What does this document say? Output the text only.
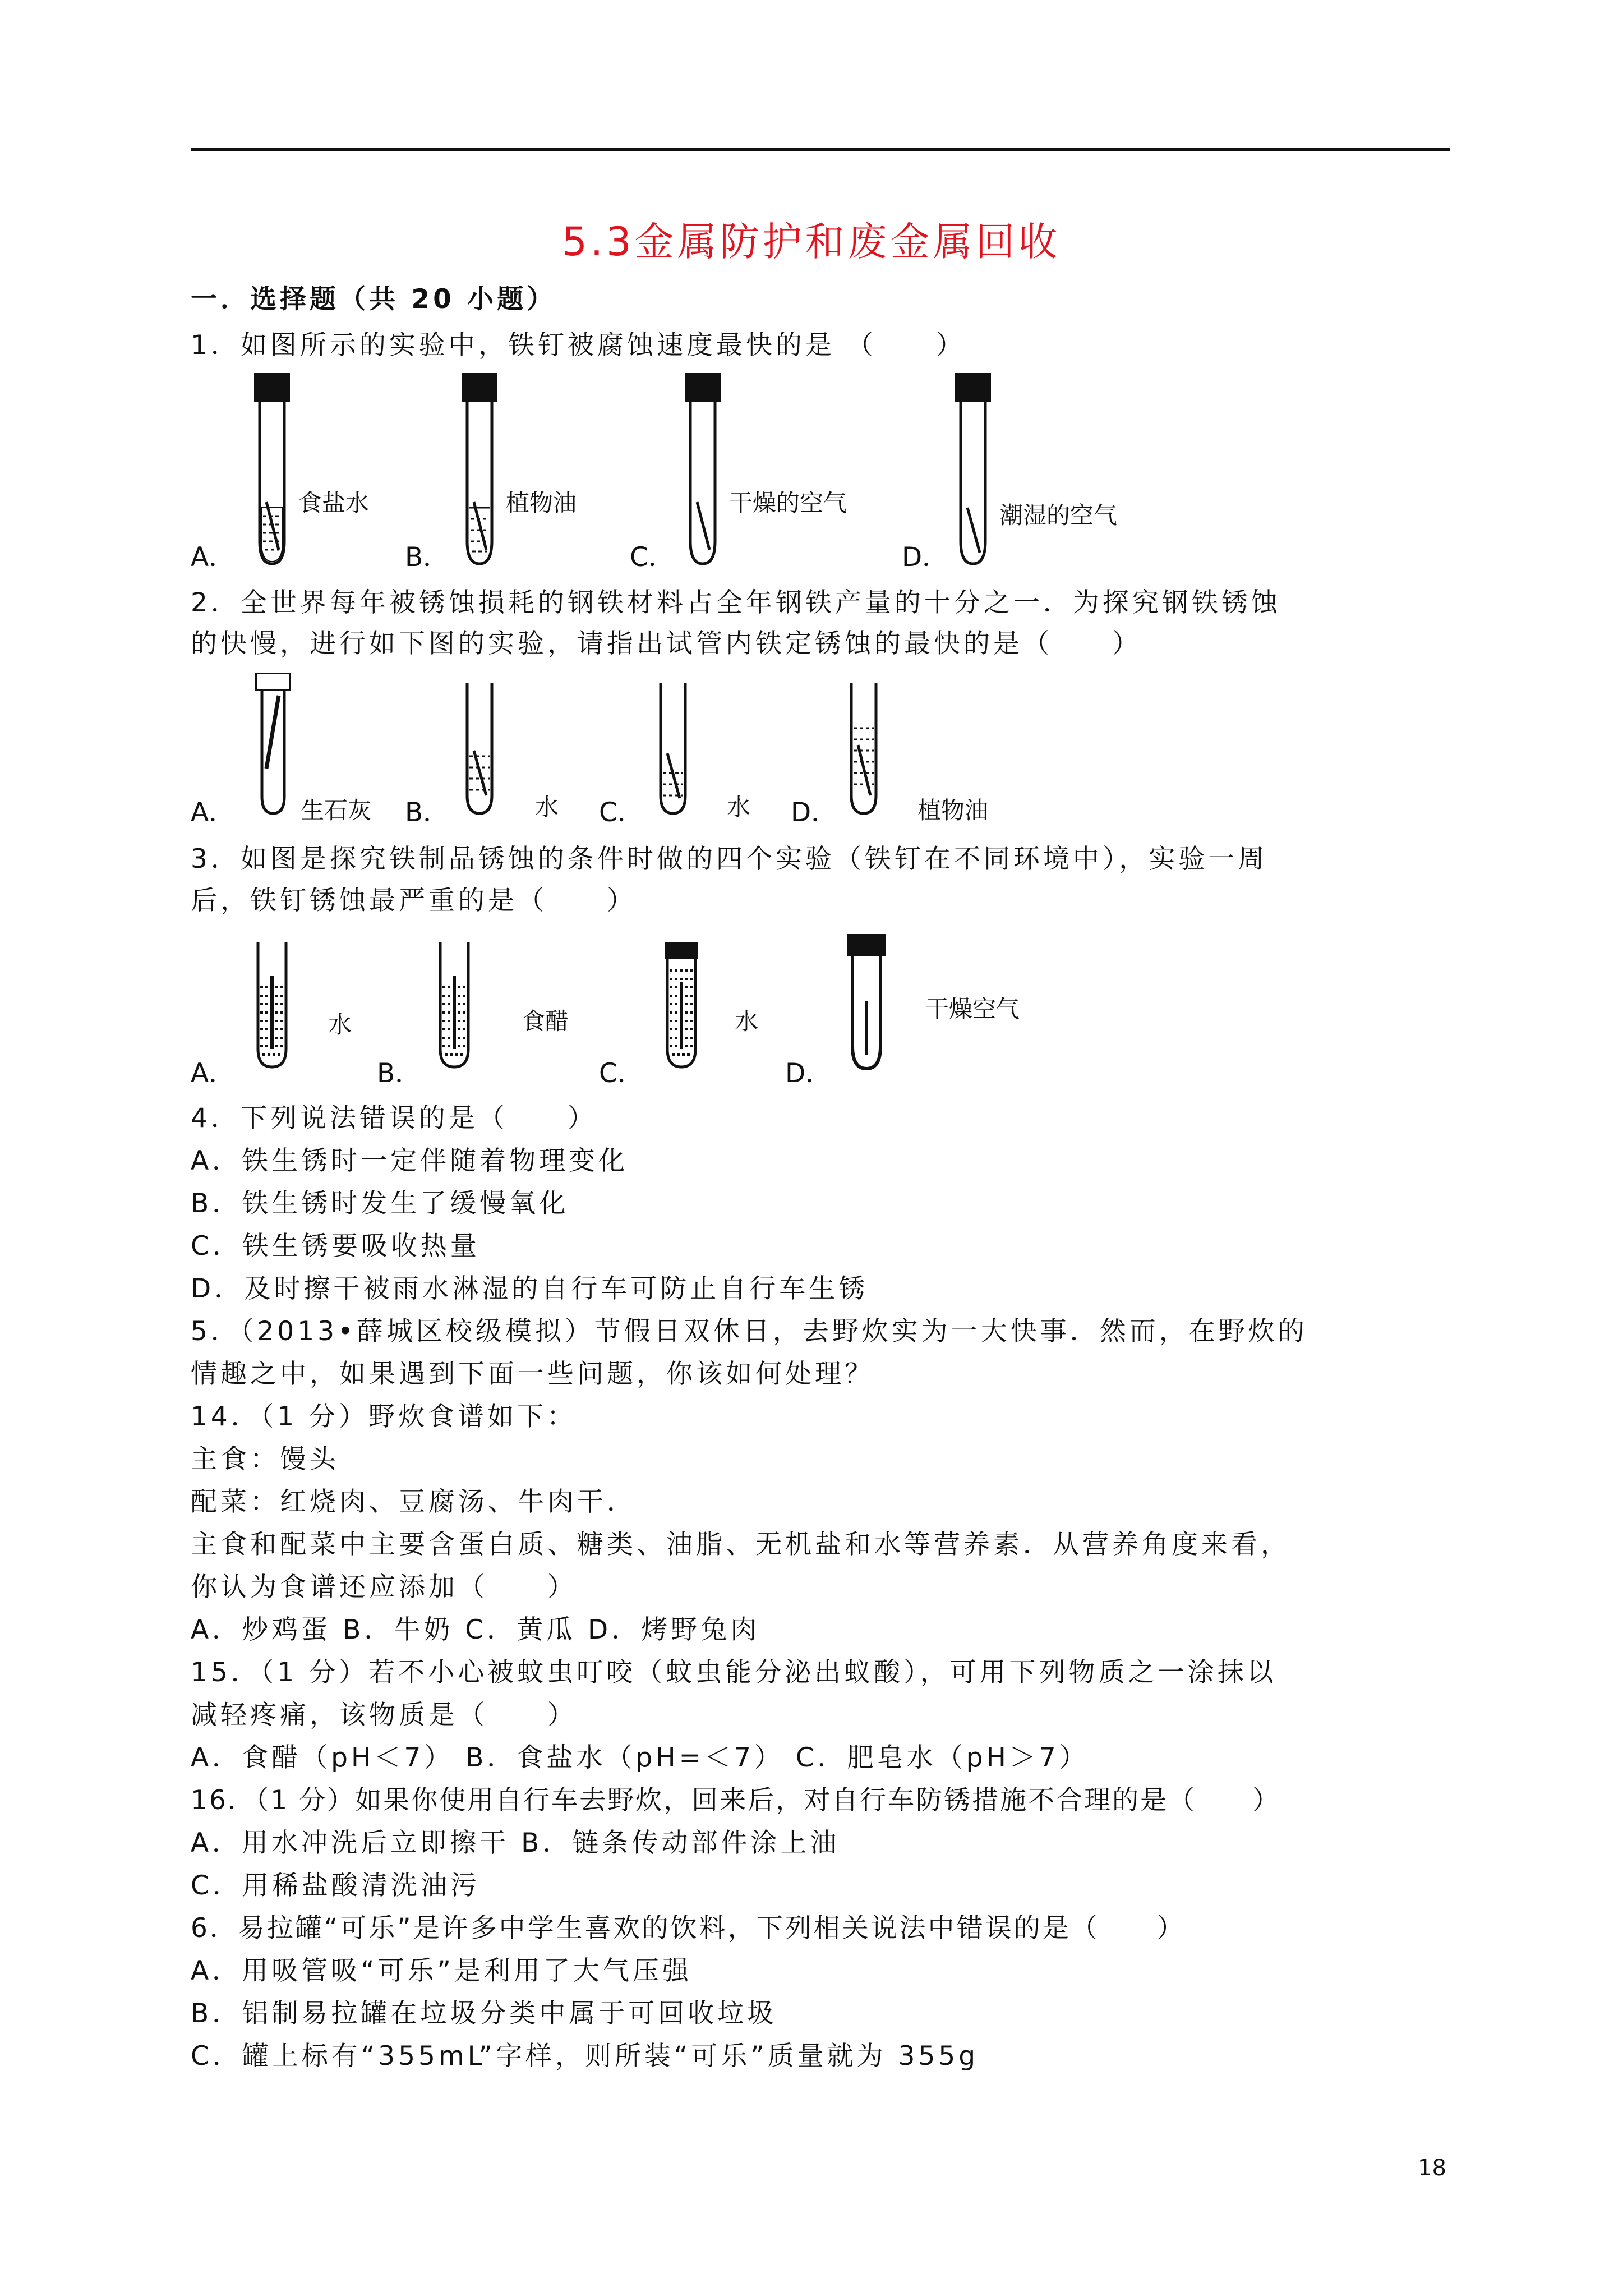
5.3金属防护和废金属回收
一．选择题（共 20 小题）
1．如图所示的实验中，铁钉被腐蚀速度最快的是 （　　）
食盐水	植物油	干燥的空气	潮湿的空气
A．	B．	C．	D．
2．全世界每年被锈蚀损耗的钢铁材料占全年钢铁产量的十分之一．为探究钢铁锈蚀
的快慢，进行如下图的实验，请指出试管内铁定锈蚀的最快的是（　　）
生石灰	水	水	植物油
A．	B．	C．	D．
3．如图是探究铁制品锈蚀的条件时做的四个实验（铁钉在不同环境中），实验一周
后，铁钉锈蚀最严重的是（　　）
水	食醋	水	干燥空气
A．	B．	C．	D．
4．下列说法错误的是（　　）
A．铁生锈时一定伴随着物理变化
B．铁生锈时发生了缓慢氧化
C．铁生锈要吸收热量
D．及时擦干被雨水淋湿的自行车可防止自行车生锈
5．（2013•薛城区校级模拟）节假日双休日，去野炊实为一大快事．然而，在野炊的
情趣之中，如果遇到下面一些问题，你该如何处理？
14．（1 分）野炊食谱如下：
主食：馒头
配菜：红烧肉、豆腐汤、牛肉干．
主食和配菜中主要含蛋白质、糖类、油脂、无机盐和水等营养素．从营养角度来看，
你认为食谱还应添加（　　）
A．炒鸡蛋 B．牛奶 C．黄瓜 D．烤野兔肉
15．（1 分）若不小心被蚊虫叮咬（蚊虫能分泌出蚁酸），可用下列物质之一涂抹以
减轻疼痛，该物质是（　　）
A．食醋（pH＜7） B．食盐水（pH=＜7） C．肥皂水（pH＞7）
16．（1 分）如果你使用自行车去野炊，回来后，对自行车防锈措施不合理的是（　　）
A．用水冲洗后立即擦干 B．链条传动部件涂上油
C．用稀盐酸清洗油污
6．易拉罐“可乐”是许多中学生喜欢的饮料，下列相关说法中错误的是（　　）
A．用吸管吸“可乐”是利用了大气压强
B．铝制易拉罐在垃圾分类中属于可回收垃圾
C．罐上标有“355mL”字样，则所装“可乐”质量就为 355g
18
